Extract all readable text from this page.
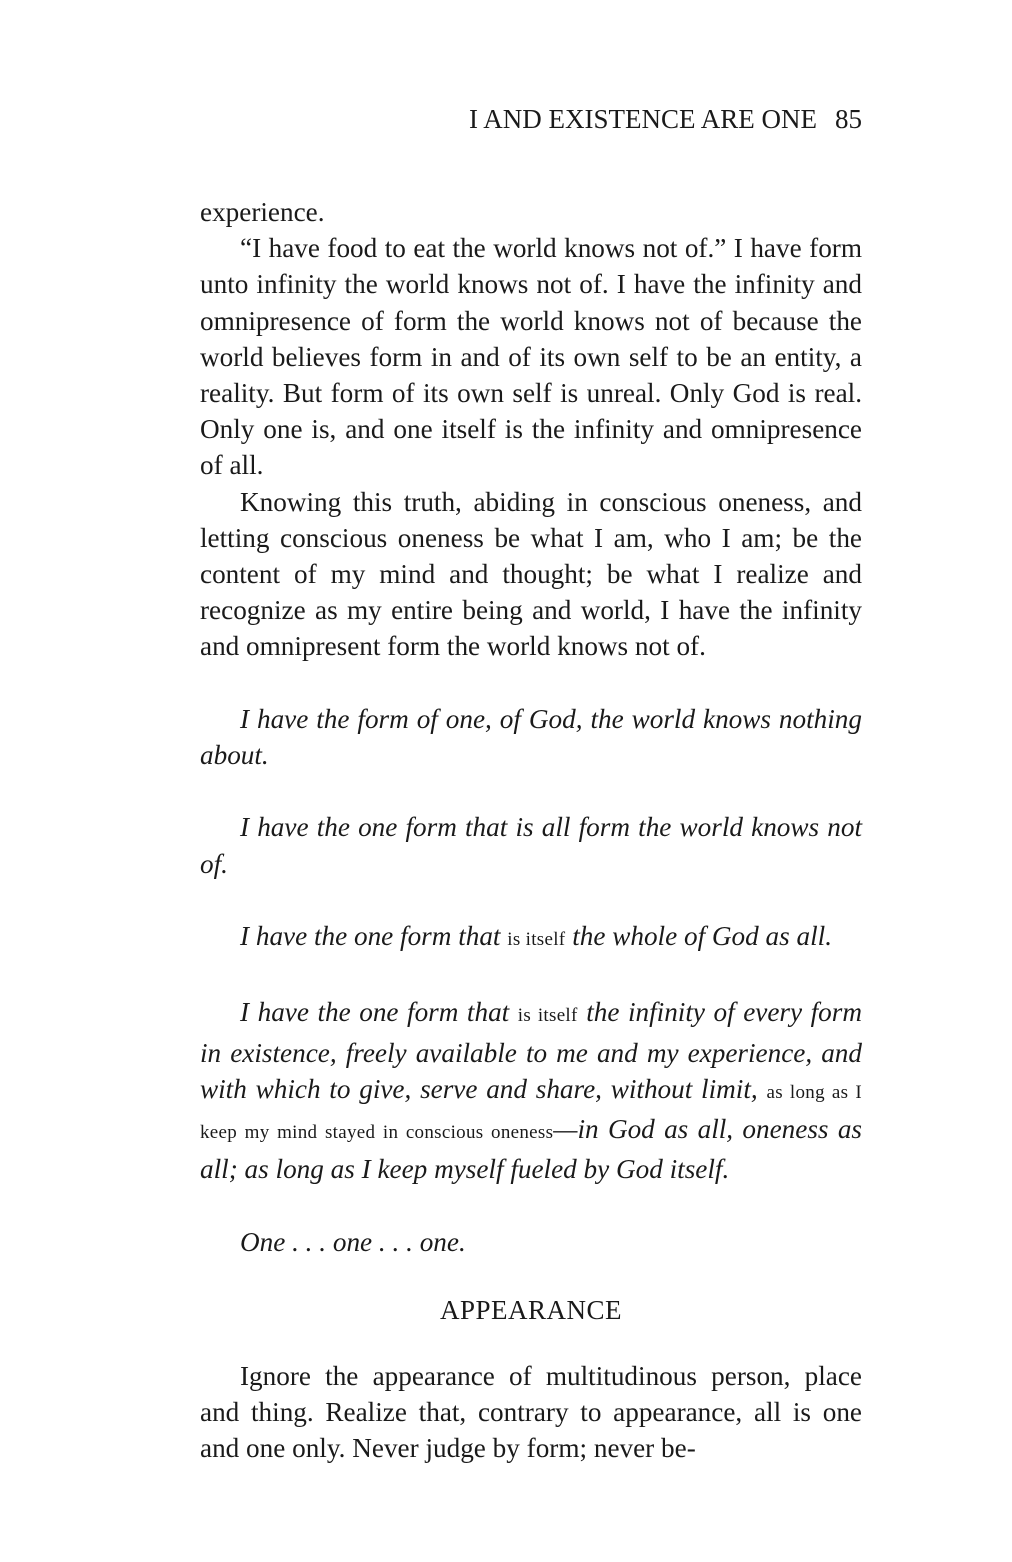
I AND EXISTENCE ARE ONE 85

experience.

“I have food to eat the world knows not of.” I have form unto infinity the world knows not of. I have the infinity and omnipresence of form the world knows not of because the world believes form in and of its own self to be an entity, a reality. But form of its own self is unreal. Only God is real. Only one is, and one itself is the infinity and omnipresence of all.

Knowing this truth, abiding in conscious oneness, and letting conscious oneness be what I am, who I am; be the content of my mind and thought; be what I realize and recognize as my entire being and world, I have the infinity and omnipresent form the world knows not of.

I have the form of one, of God, the world knows nothing about.

I have the one form that is all form the world knows not of.

I have the one form that is itself the whole of God as all.

I have the one form that is itself the infinity of every form in existence, freely available to me and my experience, and with which to give, serve and share, without limit, as long as I keep my mind stayed in conscious oneness—in God as all, oneness as all; as long as I keep myself fueled by God itself.

One . . . one . . . one.

APPEARANCE

Ignore the appearance of multitudinous person, place and thing. Realize that, contrary to appearance, all is one and one only. Never judge by form; never be-
